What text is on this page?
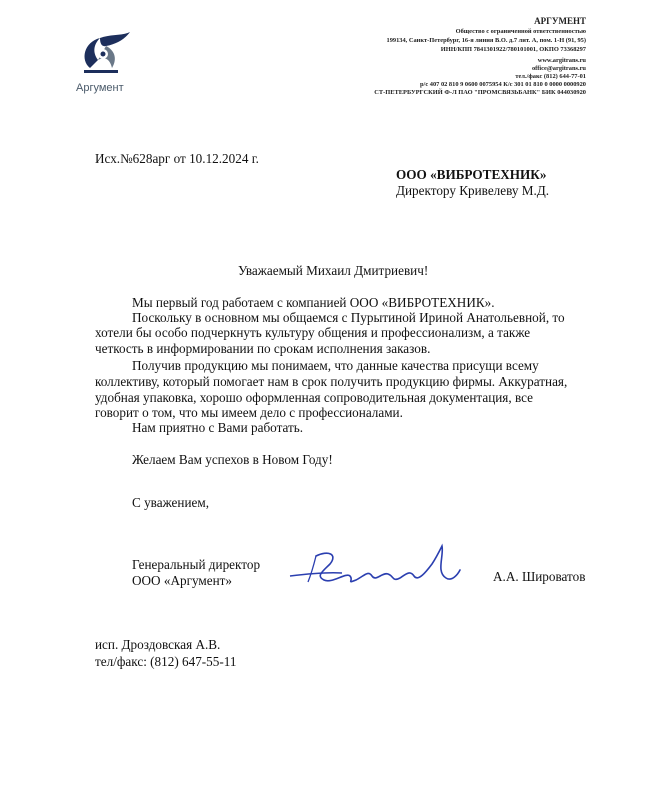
Аргумент
АРГУМЕНТ
Общество с ограниченной ответственностью
199134, Санкт-Петербург, 16-я линия В.О. д.7 лит. А, пом. 1-Н (91, 95)
ИНН/КПП 7841301922/780101001, ОКПО 73368297
www.argitrans.ru
office@argitrans.ru
тел./факс (812) 644-77-01
р/с 407 02 810 9 0600 0075954 К/с 301 01 810 0 0000 0000920
СТ-ПЕТЕРБУРГСКИЙ Ф-Л ПАО "ПРОМСВЯЗЬБАНК" БИК 044030920
Исх.№628арг от 10.12.2024 г.
ООО «ВИБРОТЕХНИК»
Директору Кривелеву М.Д.
Уважаемый Михаил Дмитриевич!
Мы первый год работаем с компанией ООО «ВИБРОТЕХНИК».
Поскольку в основном мы общаемся с Пурытиной Ириной Анатольевной, то
хотели бы особо подчеркнуть культуру общения и профессионализм, а также
четкость в информировании по срокам исполнения заказов.
Получив продукцию мы понимаем, что данные качества присущи всему
коллективу, который помогает нам в срок получить продукцию фирмы. Аккуратная,
удобная упаковка, хорошо оформленная сопроводительная документация, все
говорит о том, что мы имеем дело с профессионалами.
Нам приятно с Вами работать.
Желаем Вам успехов в Новом Году!
С уважением,
Генеральный директор
ООО «Аргумент»	А.А. Широватов
исп. Дроздовская А.В.
тел/факс: (812) 647-55-11
